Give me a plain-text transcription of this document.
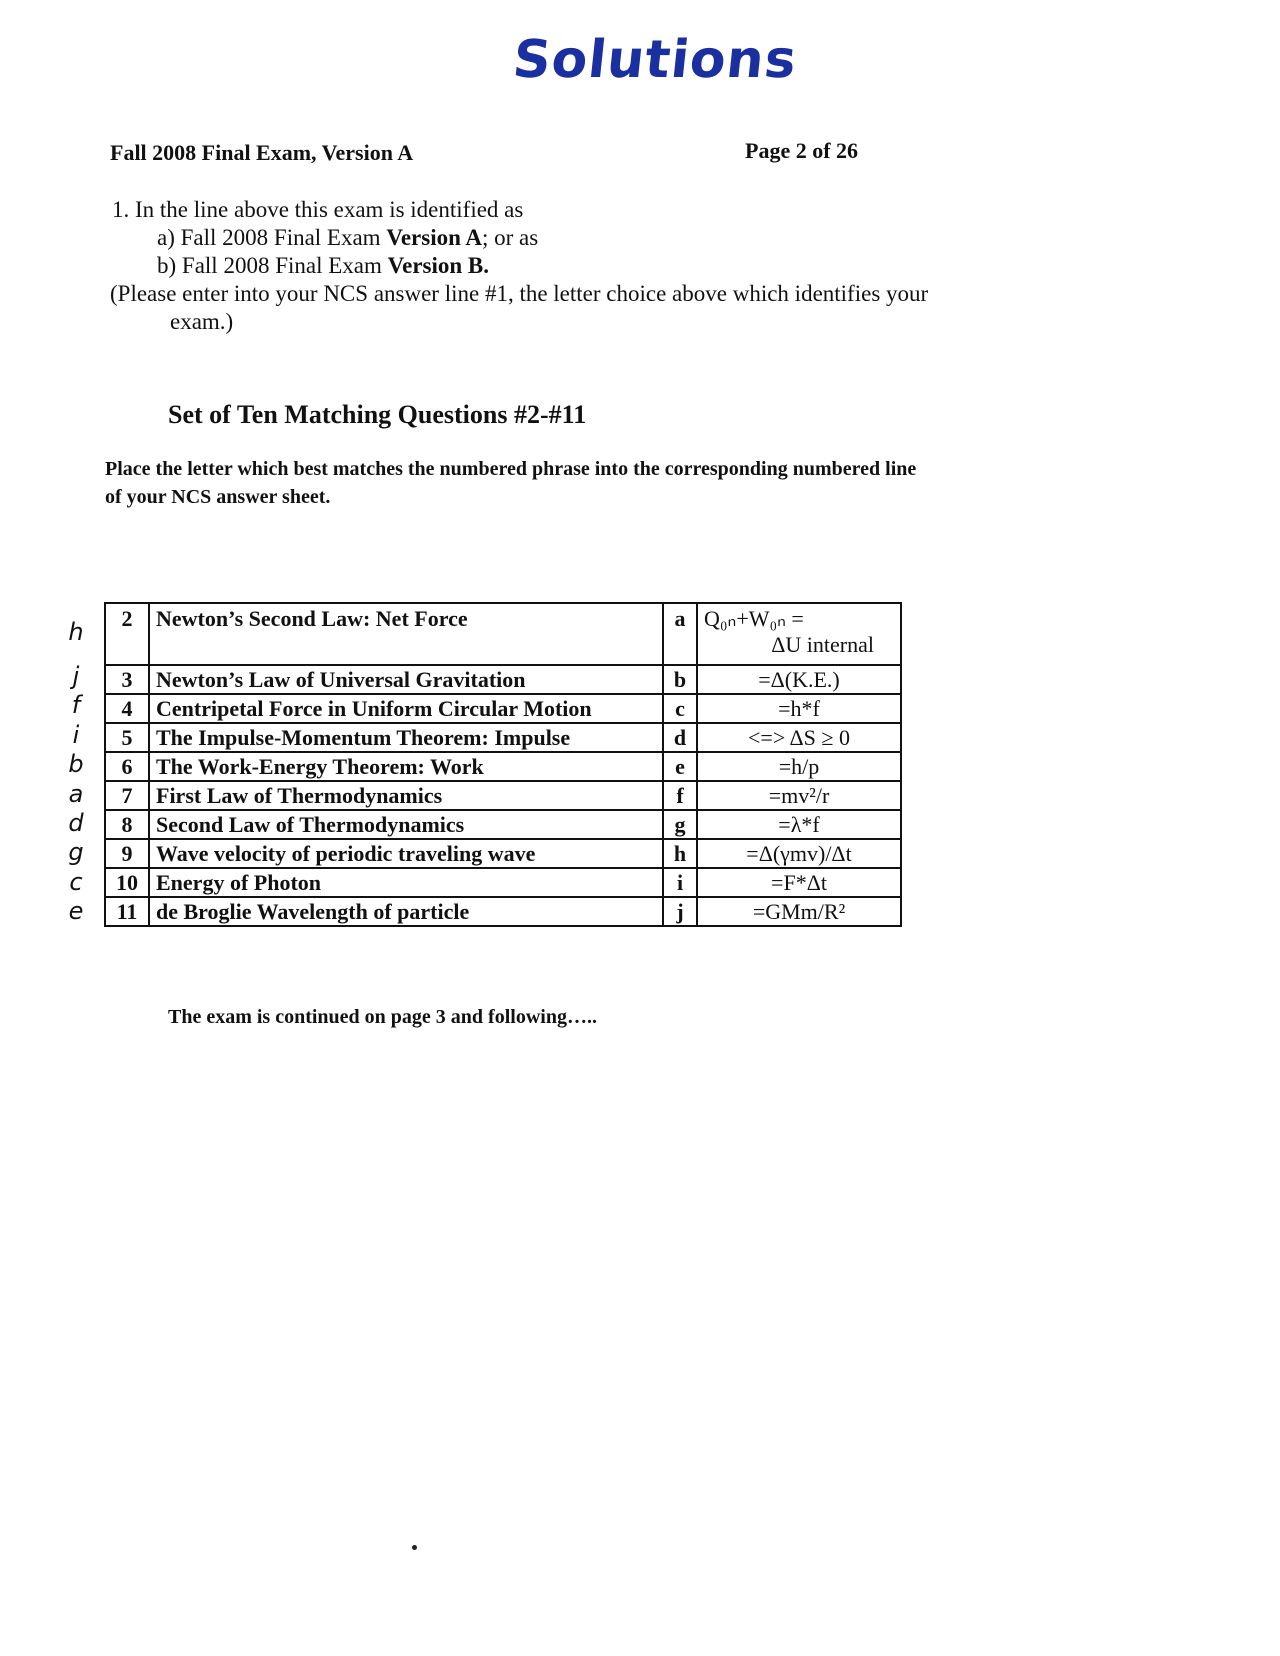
Solutions
Fall 2008 Final Exam, Version A	Page 2 of 26
1. In the line above this exam is identified as
a) Fall 2008 Final Exam Version A; or as
b) Fall 2008 Final Exam Version B.
(Please enter into your NCS answer line #1, the letter choice above which identifies your
exam.)
Set of Ten Matching Questions #2-#11
Place the letter which best matches the numbered phrase into the corresponding numbered line of your NCS answer sheet.
h
j
f
i
b
a
d
g
c
e
2	Newton’s Second Law: Net Force	a	Q₀ₙ+W₀ₙ =
ΔU internal

3	Newton’s Law of Universal Gravitation	b	=Δ(K.E.)
4	Centripetal Force in Uniform Circular Motion	c	=h*f
5	The Impulse-Momentum Theorem: Impulse	d	<=> ΔS ≥ 0
6	The Work-Energy Theorem: Work	e	=h/p
7	First Law of Thermodynamics	f	=mv²/r
8	Second Law of Thermodynamics	g	=λ*f
9	Wave velocity of periodic traveling wave	h	=Δ(γmv)/Δt
10	Energy of Photon	i	=F*Δt
11	de Broglie Wavelength of particle	j	=GMm/R²
The exam is continued on page 3 and following…..
